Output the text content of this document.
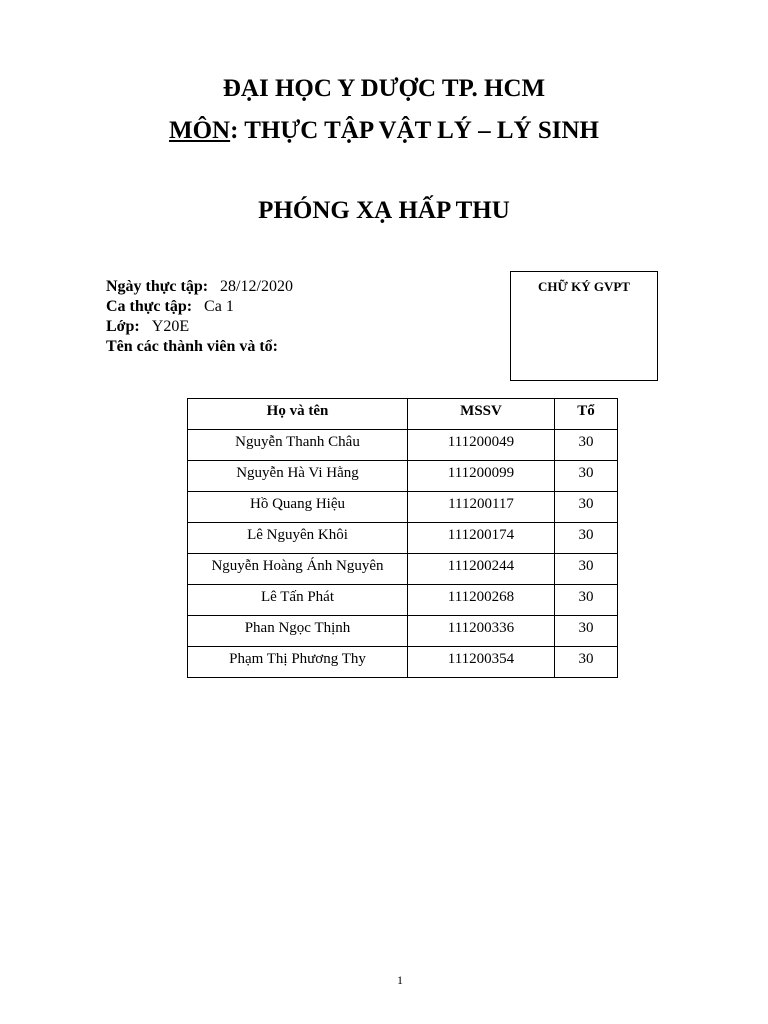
ĐẠI HỌC Y DƯỢC TP. HCM
MÔN: THỰC TẬP VẬT LÝ – LÝ SINH
PHÓNG XẠ HẤP THU
Ngày thực tập: 28/12/2020
Ca thực tập: Ca 1
Lớp: Y20E
Tên các thành viên và tổ:
CHỮ KÝ GVPT
Họ và tên	MSSV	Tổ
Nguyễn Thanh Châu	111200049	30
Nguyễn Hà Vi Hằng	111200099	30
Hồ Quang Hiệu	111200117	30
Lê Nguyên Khôi	111200174	30
Nguyễn Hoàng Ánh Nguyên	111200244	30
Lê Tấn Phát	111200268	30
Phan Ngọc Thịnh	111200336	30
Phạm Thị Phương Thy	111200354	30
1
